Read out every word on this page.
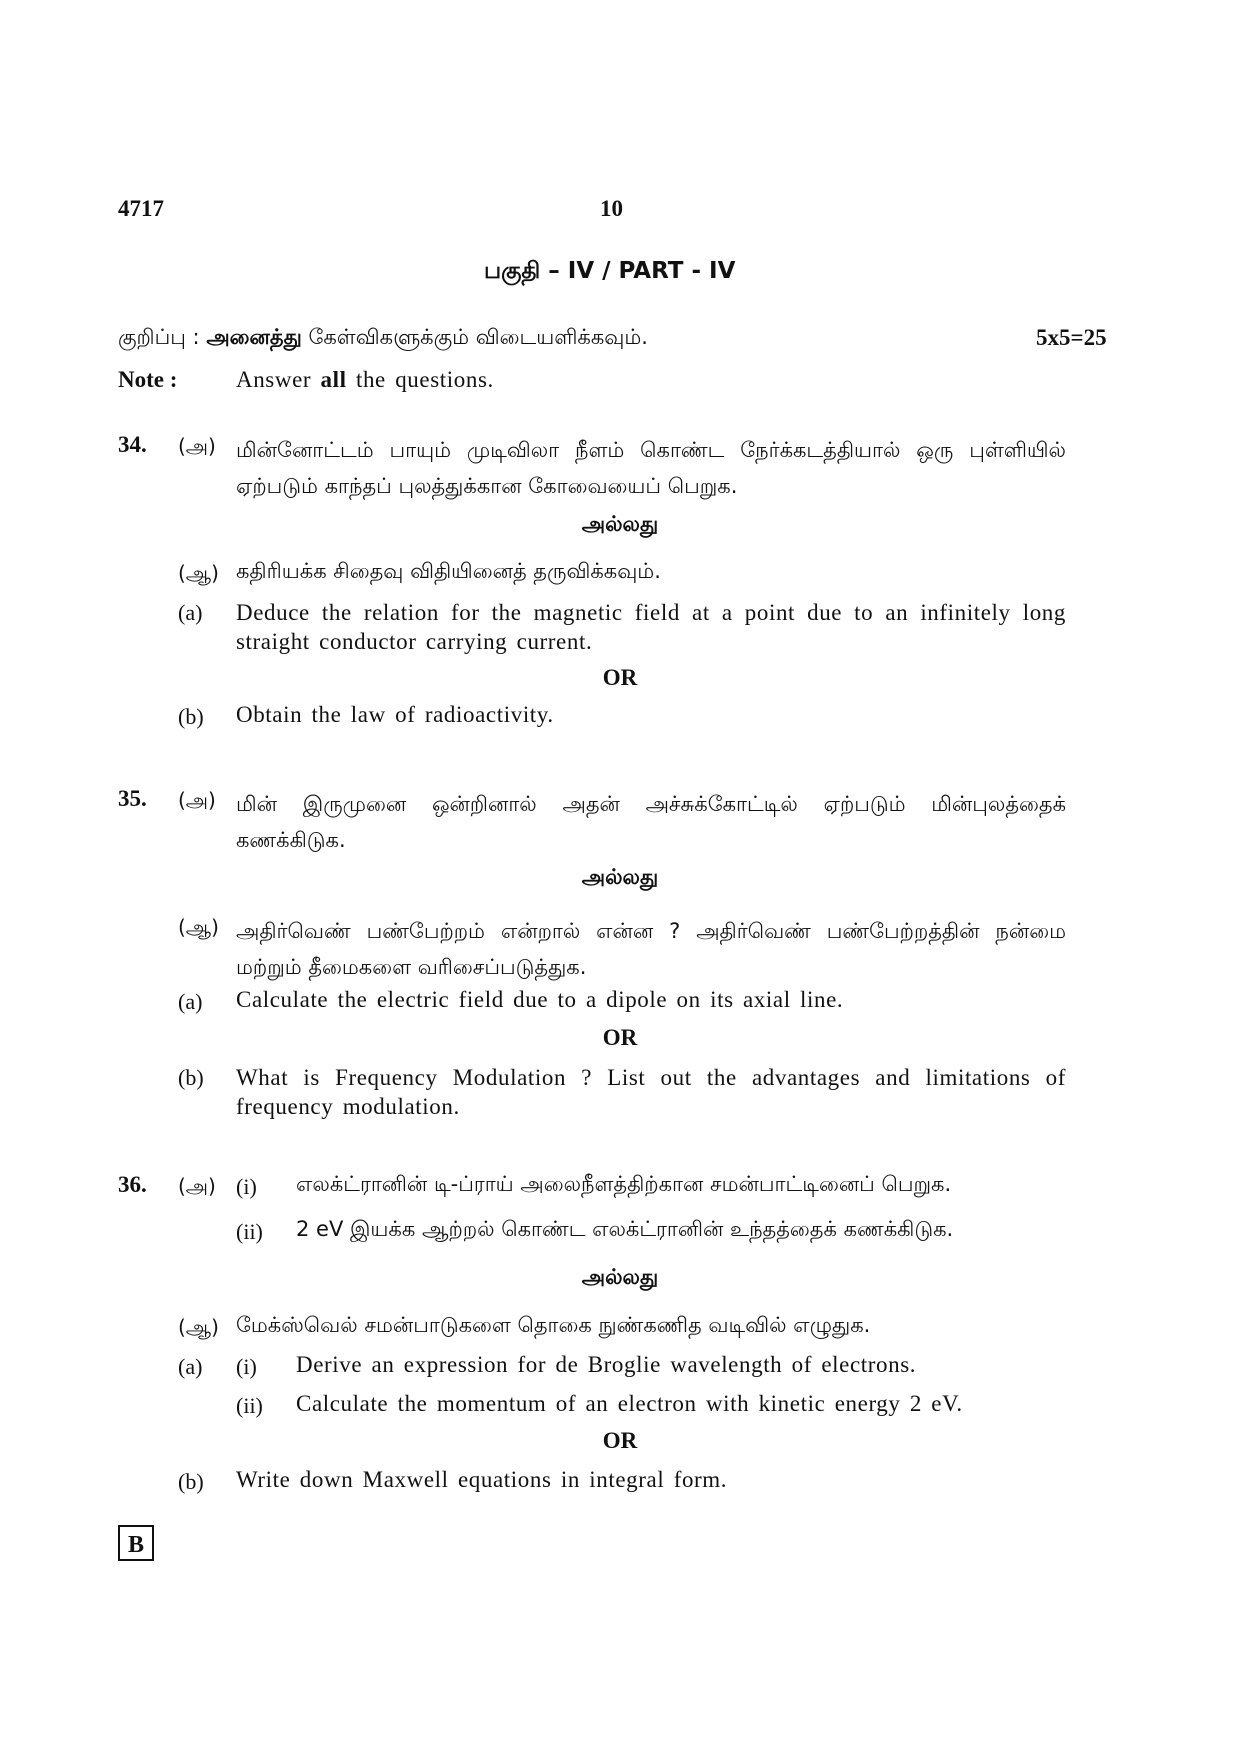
4717	10
பகுதி – IV / PART - IV
குறிப்பு : அனைத்து கேள்விகளுக்கும் விடையளிக்கவும்.	5x5=25
Note :	Answer all the questions.
34. (அ) மின்னோட்டம் பாயும் முடிவிலா நீளம் கொண்ட நேர்க்கடத்தியால் ஒரு புள்ளியில் ஏற்படும் காந்தப் புலத்துக்கான கோவையைப் பெறுக.
அல்லது
(ஆ) கதிரியக்க சிதைவு விதியினைத் தருவிக்கவும்.
(a) Deduce the relation for the magnetic field at a point due to an infinitely long straight conductor carrying current.
OR
(b) Obtain the law of radioactivity.
35. (அ) மின் இருமுனை ஒன்றினால் அதன் அச்சுக்கோட்டில் ஏற்படும் மின்புலத்தைக் கணக்கிடுக.
அல்லது
(ஆ) அதிர்வெண் பண்பேற்றம் என்றால் என்ன ? அதிர்வெண் பண்பேற்றத்தின் நன்மை மற்றும் தீமைகளை வரிசைப்படுத்துக.
(a) Calculate the electric field due to a dipole on its axial line.
OR
(b) What is Frequency Modulation ? List out the advantages and limitations of frequency modulation.
36. (அ) (i) எலக்ட்ரானின் டி-ப்ராய் அலைநீளத்திற்கான சமன்பாட்டினைப் பெறுக.
(ii) 2 eV இயக்க ஆற்றல் கொண்ட எலக்ட்ரானின் உந்தத்தைக் கணக்கிடுக.
அல்லது
(ஆ) மேக்ஸ்வெல் சமன்பாடுகளை தொகை நுண்கணித வடிவில் எழுதுக.
(a) (i) Derive an expression for de Broglie wavelength of electrons.
(ii) Calculate the momentum of an electron with kinetic energy 2 eV.
OR
(b) Write down Maxwell equations in integral form.
B
